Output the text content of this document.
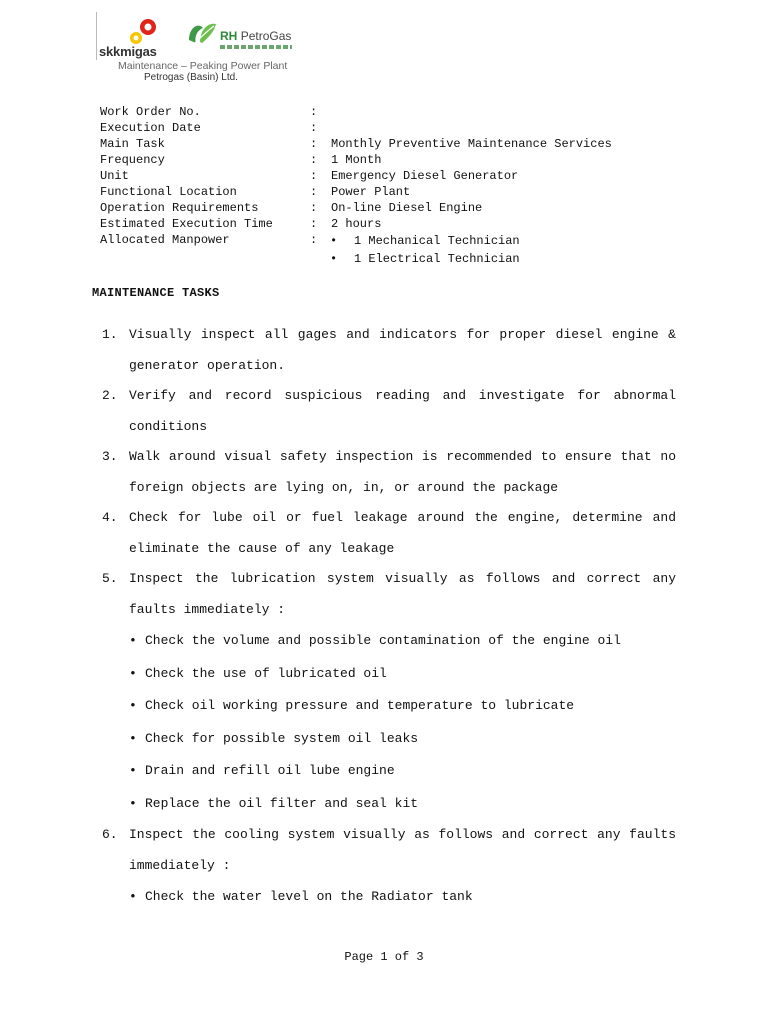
skkmigas
RH PetroGas
Maintenance – Peaking Power Plant
Petrogas (Basin) Ltd.
Work Order No.	:
Execution Date	:
Main Task	: Monthly Preventive Maintenance Services
Frequency	: 1 Month
Unit	: Emergency Diesel Generator
Functional Location	: Power Plant
Operation Requirements	: On-line Diesel Engine
Estimated Execution Time	: 2 hours
Allocated Manpower	: • 1 Mechanical Technician
• 1 Electrical Technician
MAINTENANCE TASKS
1. Visually inspect all gages and indicators for proper diesel engine & generator operation.
2. Verify and record suspicious reading and investigate for abnormal conditions
3. Walk around visual safety inspection is recommended to ensure that no foreign objects are lying on, in, or around the package
4. Check for lube oil or fuel leakage around the engine, determine and eliminate the cause of any leakage
5. Inspect the lubrication system visually as follows and correct any faults immediately :
• Check the volume and possible contamination of the engine oil
• Check the use of lubricated oil
• Check oil working pressure and temperature to lubricate
• Check for possible system oil leaks
• Drain and refill oil lube engine
• Replace the oil filter and seal kit
6. Inspect the cooling system visually as follows and correct any faults immediately :
• Check the water level on the Radiator tank
Page 1 of 3
